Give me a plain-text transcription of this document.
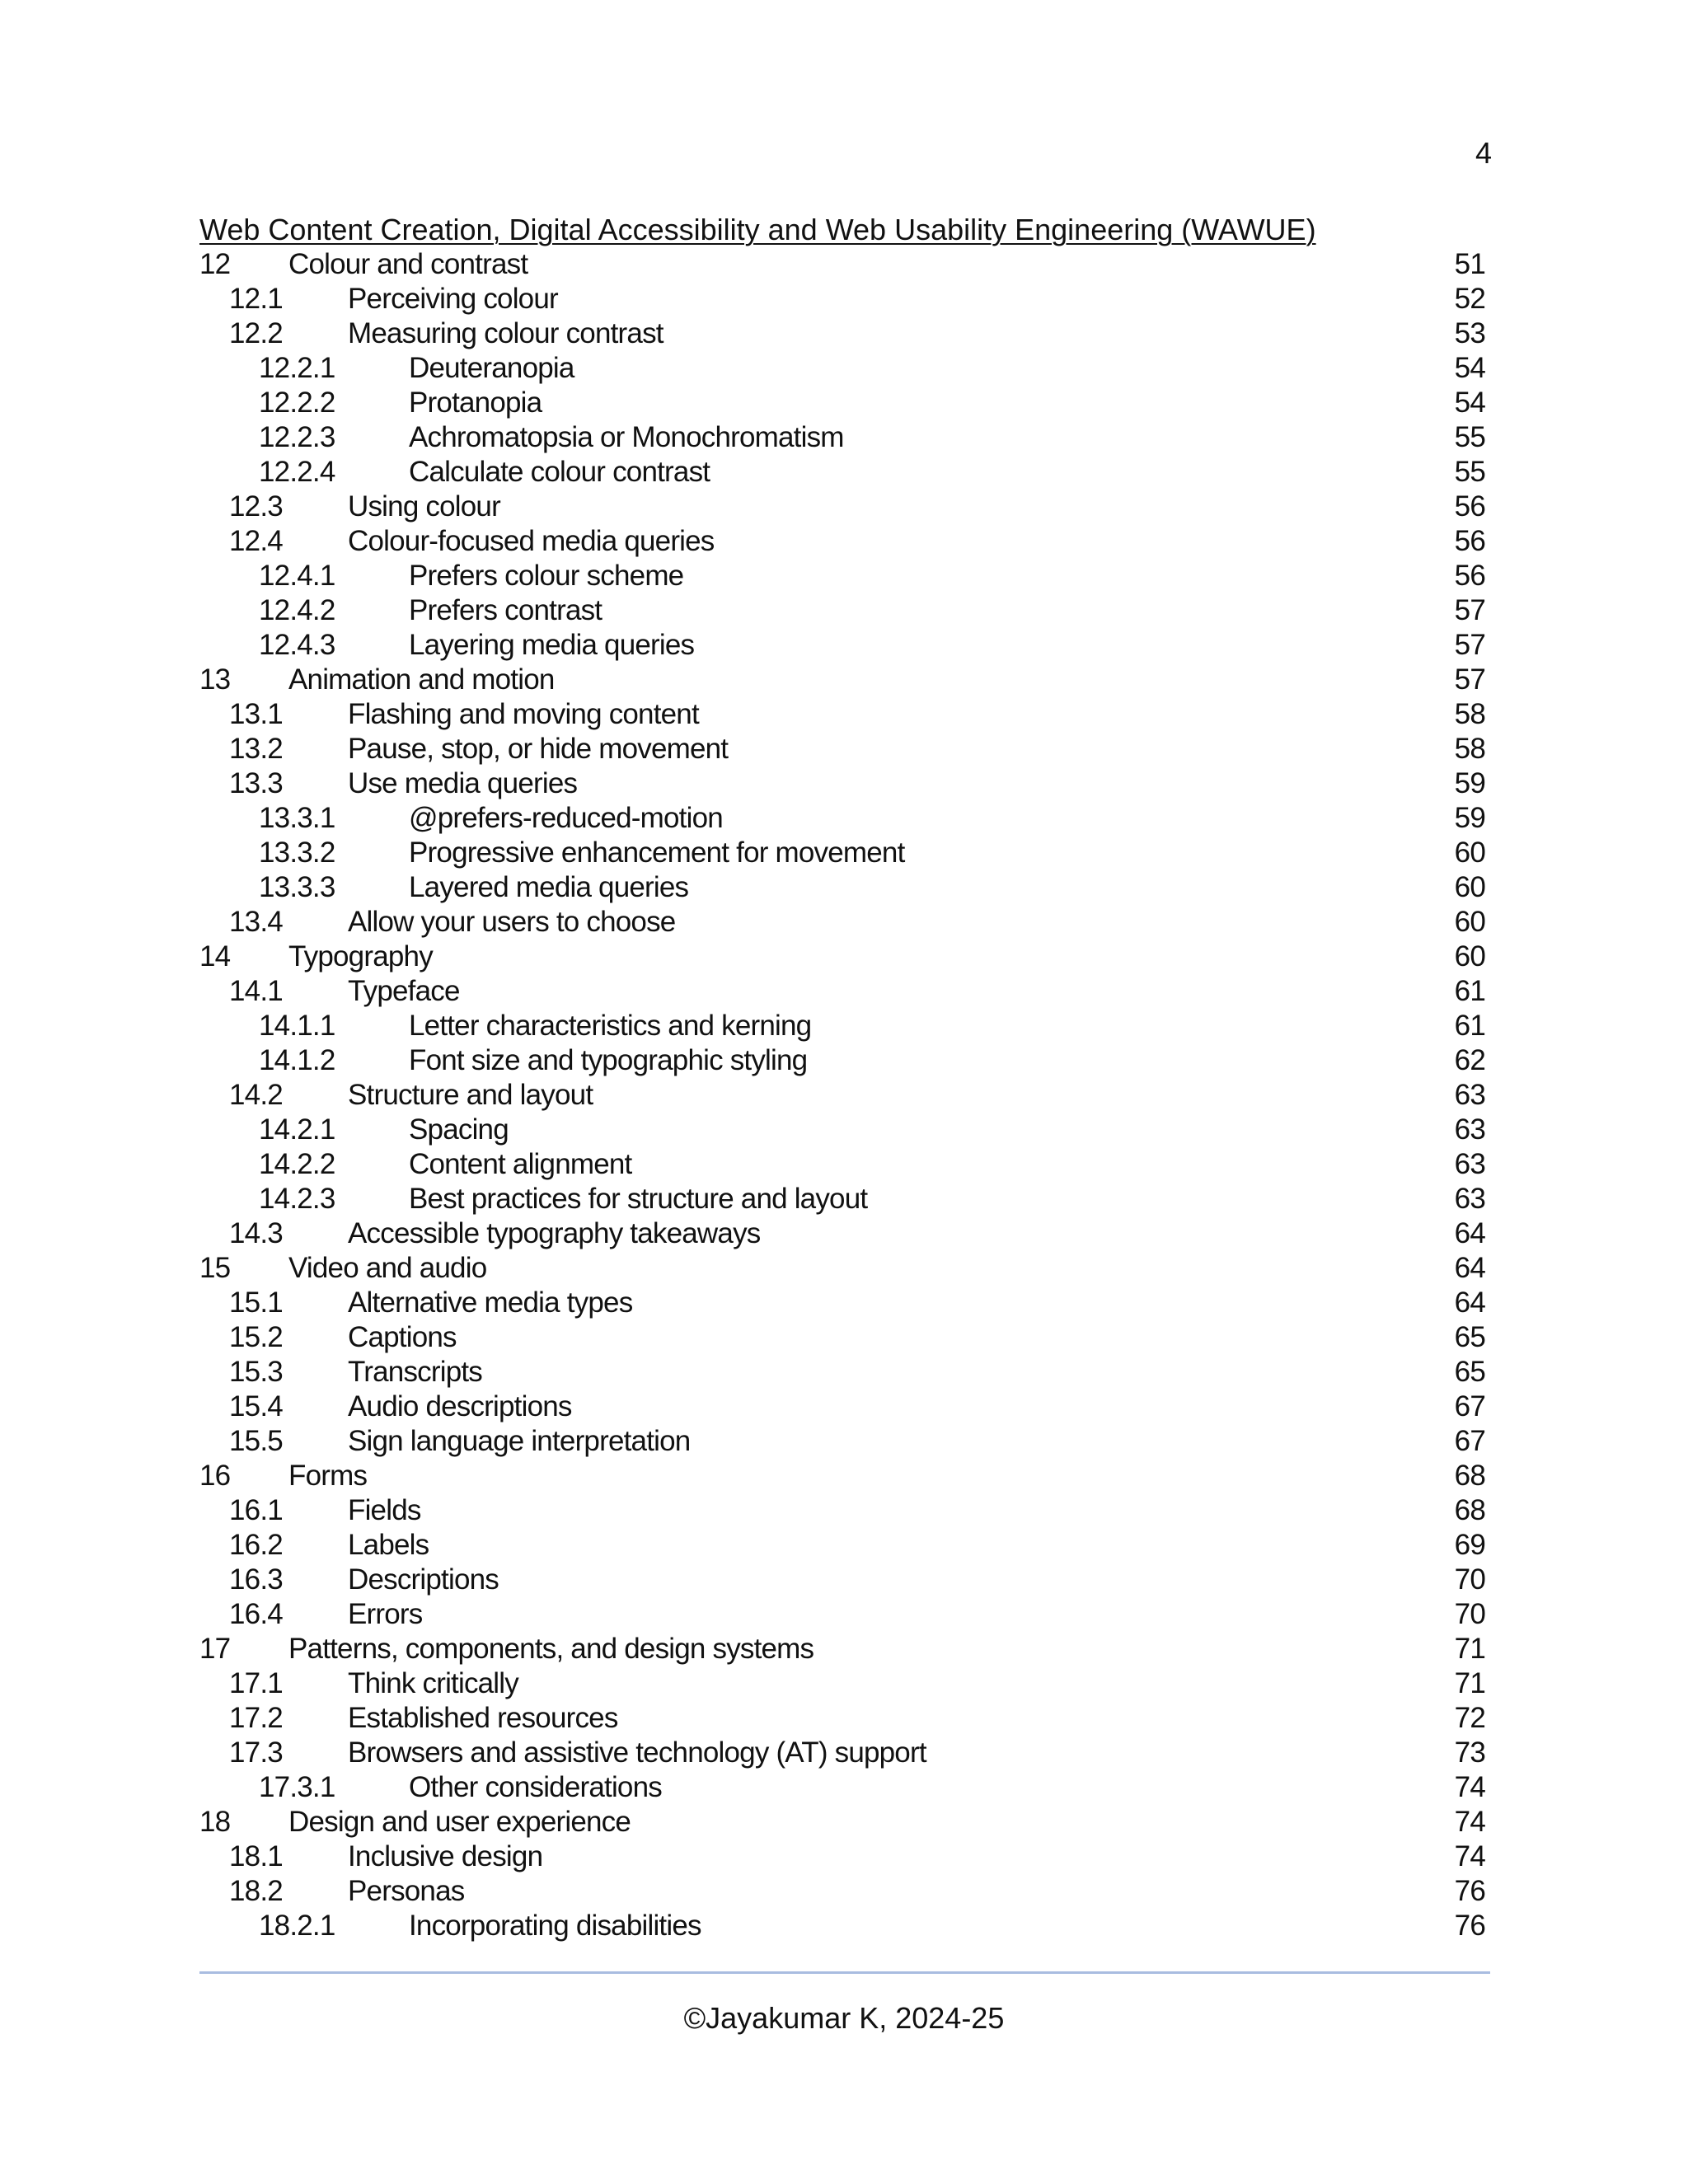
4
Web Content Creation, Digital Accessibility and Web Usability Engineering (WAWUE)
12 Colour and contrast	51
12.1 Perceiving colour	52
12.2 Measuring colour contrast	53
12.2.1	Deuteranopia	54
12.2.2	Protanopia	54
12.2.3	Achromatopsia or Monochromatism	55
12.2.4	Calculate colour contrast	55
12.3 Using colour	56
12.4 Colour-focused media queries	56
12.4.1	Prefers colour scheme	56
12.4.2	Prefers contrast	57
12.4.3	Layering media queries	57
13 Animation and motion	57
13.1 Flashing and moving content	58
13.2 Pause, stop, or hide movement	58
13.3 Use media queries	59
13.3.1	@prefers-reduced-motion	59
13.3.2	Progressive enhancement for movement	60
13.3.3	Layered media queries	60
13.4 Allow your users to choose	60
14 Typography	60
14.1 Typeface	61
14.1.1	Letter characteristics and kerning	61
14.1.2	Font size and typographic styling	62
14.2 Structure and layout	63
14.2.1	Spacing	63
14.2.2	Content alignment	63
14.2.3	Best practices for structure and layout	63
14.3 Accessible typography takeaways	64
15 Video and audio	64
15.1 Alternative media types	64
15.2 Captions	65
15.3 Transcripts	65
15.4 Audio descriptions	67
15.5 Sign language interpretation	67
16 Forms	68
16.1 Fields	68
16.2 Labels	69
16.3 Descriptions	70
16.4 Errors	70
17 Patterns, components, and design systems	71
17.1 Think critically	71
17.2 Established resources	72
17.3 Browsers and assistive technology (AT) support	73
17.3.1	Other considerations	74
18 Design and user experience	74
18.1 Inclusive design	74
18.2 Personas	76
18.2.1	Incorporating disabilities	76
©Jayakumar K, 2024-25
